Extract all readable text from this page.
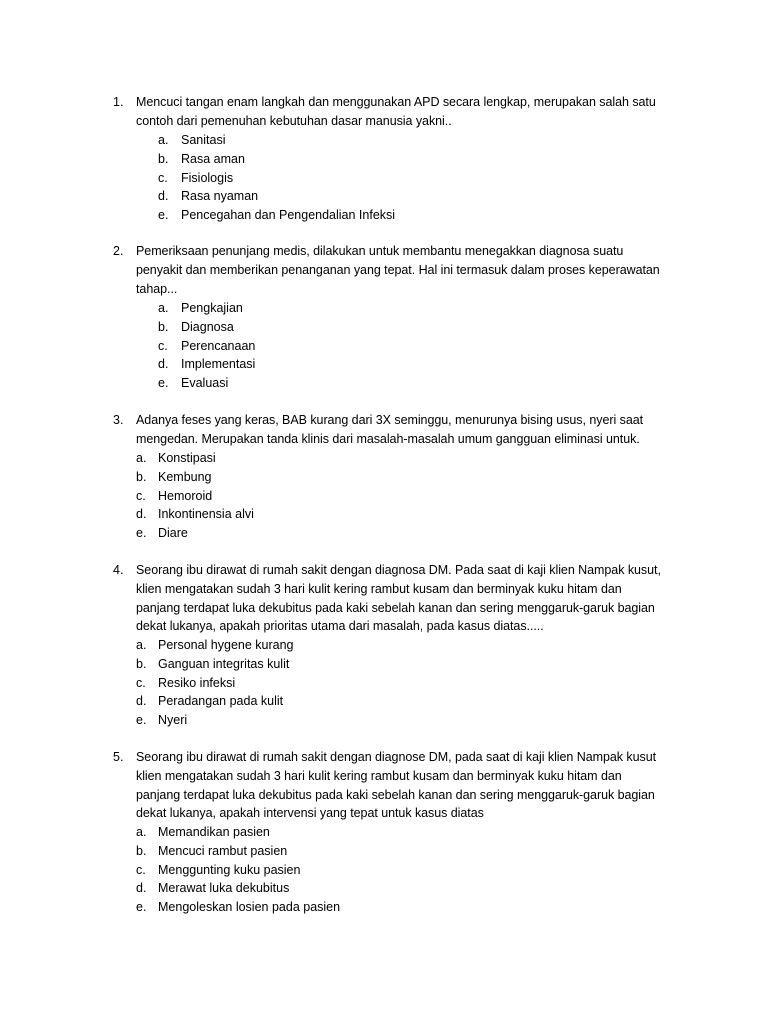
1. Mencuci tangan enam langkah dan menggunakan APD secara lengkap, merupakan salah satu
contoh dari pemenuhan kebutuhan dasar manusia yakni..
a. Sanitasi
b. Rasa aman
c. Fisiologis
d. Rasa nyaman
e. Pencegahan dan Pengendalian Infeksi
2. Pemeriksaan penunjang medis, dilakukan untuk membantu menegakkan diagnosa suatu
penyakit dan memberikan penanganan yang tepat. Hal ini termasuk dalam proses keperawatan
tahap...
a. Pengkajian
b. Diagnosa
c. Perencanaan
d. Implementasi
e. Evaluasi
3. Adanya feses yang keras, BAB kurang dari 3X seminggu, menurunya bising usus, nyeri saat
mengedan. Merupakan tanda klinis dari masalah-masalah umum gangguan eliminasi untuk.
a. Konstipasi
b. Kembung
c. Hemoroid
d. Inkontinensia alvi
e. Diare
4. Seorang ibu dirawat di rumah sakit dengan diagnosa DM. Pada saat di kaji klien Nampak kusut,
klien mengatakan sudah 3 hari kulit kering rambut kusam dan berminyak kuku hitam dan
panjang terdapat luka dekubitus pada kaki sebelah kanan dan sering menggaruk-garuk bagian
dekat lukanya, apakah prioritas utama dari masalah, pada kasus diatas.....
a. Personal hygene kurang
b. Ganguan integritas kulit
c. Resiko infeksi
d. Peradangan pada kulit
e. Nyeri
5. Seorang ibu dirawat di rumah sakit dengan diagnose DM, pada saat di kaji klien Nampak kusut
klien mengatakan sudah 3 hari kulit kering rambut kusam dan berminyak kuku hitam dan
panjang terdapat luka dekubitus pada kaki sebelah kanan dan sering menggaruk-garuk bagian
dekat lukanya, apakah intervensi yang tepat untuk kasus diatas
a. Memandikan pasien
b. Mencuci rambut pasien
c. Menggunting kuku pasien
d. Merawat luka dekubitus
e. Mengoleskan losien pada pasien
